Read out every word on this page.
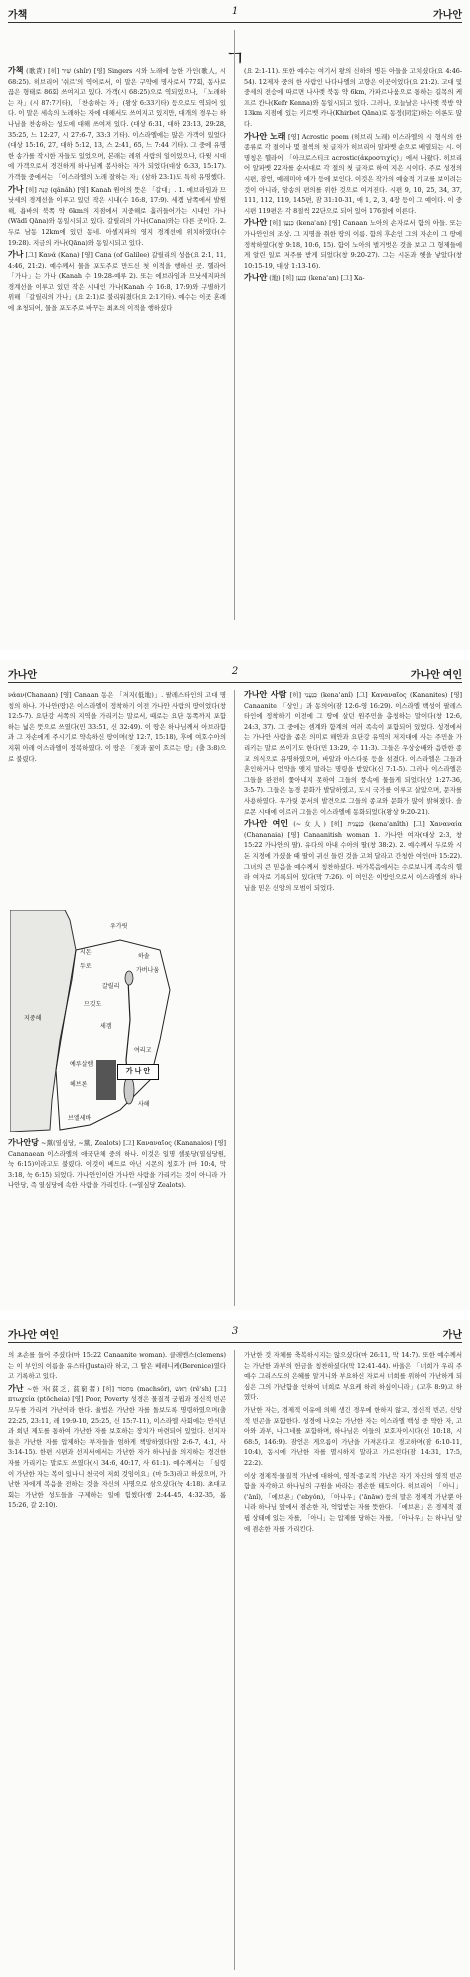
가책	1	가나안
ㄱ

가책 (歌責) [히] שִׁיר (shîr) [영] Singers 시와 노래에 능한 가인(歌人, 시 68:25). 히브리어 '쉬르'의 역어로서, 이 말은 구약에 명사로서 77회, 동사로 끊은 형태로 86회 쓰여지고 있다. 가객(시 68:25)으로 역되었으나, 「노래하는 자」(시 87:7기타), 「찬송하는 자」(왕상 6:33기타) 등으로도 역되어 있다. 이 말은 세속의 노래하는 자에 대해서도 쓰여지고 있지만, 대개의 경우는 하나님을 찬송하는 성도에 대해 쓰여져 있다. (대상 6:31, 대하 23:13, 29:28, 35:25, 느 12:27, 시 27:6-7, 33:3 기타). 이스라엘에는 많은 가객이 있었다(대상 15:16, 27, 대하 5:12, 13, 스 2:41, 65, 느 7:44 기타). 그 중에 유명한 송가를 작시한 자들도 있었으며, 본래는 레위 사람의 일이었으나, 다윗 시대에 가객으로서 경건하게 하나님께 봉사하는 자가 되었다(대상 6:33, 15:17). 가객들 중에서는 「이스라엘의 노래 잘하는 자」(삼하 23:1)도 특히 유명했다.

가나 [히] קָנָה (qânâh) [영] Kanah 원어의 뜻은 「갈대」. 1. 에브라임과 므낫세의 경계선을 이루고 있던 작은 시내(수 16:8, 17:9). 세겜 남쪽에서 발원해, 욥바의 북쪽 약 6km의 지점에서 지중해로 흘러들어가는 시내인 가나(Wādī Qāna)와 동일시되고 있다. 갈릴리의 가나(Cana)와는 다른 곳이다. 2. 두로 남동 12km에 있던 동네. 아셀지파의 영지 경계선에 위치하였다(수 19:28). 지금의 카나(Qāna)와 동일시되고 있다.

가나 [그] Κανά (Kana) [영] Cana (of Galilee) 갈릴리의 성읍(요 2:1, 11, 4:46, 21:2). 예수께서 물을 포도주로 만드신 첫 이적을 행하신 곳. 헬라어 「가나」는 가나 (Kanah 수 19:28-예루 2). 또는 에브라임과 므낫세지파의 경계선을 이루고 있던 작은 시내인 가나(Kanah 수 16:8, 17:9)와 구별하기 위해 「갈릴리의 가나」(요 2:1)로 불리워졌다(요 2:1기타). 예수는 이곳 혼례에 초청되어, 물을 포도주로 바꾸는 최초의 이적을 행하셨다

(요 2:1-11). 또한 예수는 여기서 왕의 신하의 병든 아들을 고치셨다(요 4:46-54). 12제자 중의 한 사람인 나다나엘의 고향은 이곳이었다(요 21:2). 고대 및 중세의 전승에 따르면 나사렛 북동 약 6km, 가파르나움으로 통하는 길목의 케프르 칸나(Kefr Kenna)와 동일시되고 있다. 그러나, 오늘날은 나사렛 북방 약 13km 지점에 있는 키르벳 카나(Khirbet Qāna)로 동정(同定)하는 이론도 많다.

가나안 노래 [영] Acrostic poem (히브리 노래) 이스라엘의 시 형식의 한 종류로 각 절이나 몇 절씩의 첫 글자가 히브리어 알파벳 순으로 배열되는 시. 이 명칭은 헬라어 「아크로스티크 acrostic(ἀκροστιχίς)」에서 나왔다. 히브리어 알파벳 22자를 순서대로 각 절의 첫 글자로 하여 지은 시이다. 주로 성경의 시편, 잠언, 예레미야 애가 등에 보인다. 이것은 작가의 예술적 기교를 보이려는 것이 아니라, 암송의 편의를 위한 것으로 여겨진다. 시편 9, 10, 25, 34, 37, 111, 112, 119, 145편, 잠 31:10-31, 애 1, 2, 3, 4장 등이 그 예이다. 이 중 시편 119편은 각 8절씩 22단으로 되어 있어 176절에 이른다.

가나안 [히] כְּנַעַן (kenaʿan) [영] Canaan 노아의 손자로서 함의 아들. 또는 가나안인의 조상. 그 지명을 취한 땅의 이름. 함의 후손인 그의 자손이 그 땅에 정착하였다(창 9:18, 10:6, 15). 함이 노아의 벌거벗은 것을 보고 그 형제들에게 알린 일로 저주를 받게 되었다(창 9:20-27). 그는 시돈과 헷을 낳았다(창 10:15-19, 대상 1:13-16).

가나안 (地) [히] כְּנַעַן (kenaʿan) [그] Xa-

가나안	2	가나안 여인

νάαν(Chanaan) [영] Canaan 동은 「저지(低地)」. 팔레스타인의 고대 명칭의 하나. 가나안(땅)은 이스라엘이 정착하기 이전 가나안 사람의 땅이었다(창 12:5-7). 요단강 서쪽의 지역을 가리키는 말로서, 때로는 요단 동쪽까지 포함하는 넓은 뜻으로 쓰였다(민 33:51, 신 32:49). 이 땅은 하나님께서 아브라함과 그 자손에게 주시기로 약속하신 땅이며(창 12:7, 15:18), 후에 여호수아의 지휘 아래 이스라엘이 정복하였다. 이 땅은 「젖과 꿀이 흐르는 땅」(출 3:8)으로 불렸다.

우가릿
두로
시돈
가버나움
갈릴리
세겜
여리고
예루살렘
헤브론
브엘세바
하솔
므깃도
지중해
사해
가 나 안

가나안당 ~黨(열심당, ~黨, Zealots) [그] Καναναῖος (Kananaios) [영] Cananaean 이스라엘의 애국단체 중의 하나. 이것은 일명 셀롯당(열심당원, 눅 6:15)이라고도 불렸다. 이것이 베드로 아닌 시몬의 칭호가 (마 10:4, 막 3:18, 눅 6:15) 되었다. 가나안인이란 가나안 사람을 가리키는 것이 아니라 가나안당, 즉 열심당에 속한 사람을 가리킨다. (→열심당 Zealots).

가나안 사람 [히] כְּנַעֲנִי (kenaʿanî) [그] Καναναῖος (Kananites) [영] Canaanite 「상인」과 동의어(잠 12:6-영 16:29). 이스라엘 백성이 팔레스타인에 정착하기 이전에 그 땅에 살던 원주민을 총칭하는 말이다(창 12:6, 24:3, 37). 그 중에는 셈계와 함계의 여러 족속이 포함되어 있었다. 성경에서는 가나안 사람을 좁은 의미로 해안과 요단강 유역의 저지대에 사는 주민을 가리키는 말로 쓰이기도 한다(민 13:29, 수 11:3). 그들은 우상숭배와 음란한 종교 의식으로 유명하였으며, 바알과 아스다롯 등을 섬겼다. 이스라엘은 그들과 혼인하거나 언약을 맺지 말라는 명령을 받았다(신 7:1-5). 그러나 이스라엘은 그들을 완전히 쫓아내지 못하여 그들의 풍속에 물들게 되었다(삿 1:27-36, 3:5-7). 그들은 농경 문화가 발달하였고, 도시 국가를 이루고 살았으며, 문자를 사용하였다. 우가릿 문서의 발견으로 그들의 종교와 문화가 많이 밝혀졌다. 솔로몬 시대에 이르러 그들은 이스라엘에 동화되었다(왕상 9:20-21).

가나안 여인 (~女人) [히] כְּנַעֲנִית (kenaʿanîth) [그] Χαναναία (Chananaia) [영] Canaanitish woman 1. 가나안 여자(대상 2:3, 창 15:22 가나안의 딸). 유다의 아내 수아의 딸(창 38:2). 2. 예수께서 두로와 시돈 지경에 가셨을 때 딸이 귀신 들린 것을 고쳐 달라고 간청한 여인(마 15:22). 그녀의 큰 믿음을 예수께서 칭찬하셨다. 마가복음에서는 수로보니게 족속의 헬라 여자로 기록되어 있다(막 7:26). 이 여인은 이방인으로서 이스라엘의 하나님을 믿은 신앙의 모범이 되었다.

가나안 여인	3	가난

의 초손를 들어 주셨다(마 15:22 Canaanite woman). 클레멘스(clemens)는 이 부인의 이름을 유스타(Justa)라 하고, 그 딸은 베레니케(Berenice)였다고 기록하고 있다.

가난 ~한 자(貧乏, 貧窮者) [히] מַחְסוֹר (machsôr), רֵאשׁ (rêʾsh) [그] πτωχεία (ptōcheia) [영] Poor, Poverty 성경은 물질적 궁핍과 정신적 빈곤 모두를 가리켜 가난이라 한다. 율법은 가난한 자를 돌보도록 명령하였으며(출 22:25, 23:11, 레 19:9-10, 25:25, 신 15:7-11), 이스라엘 사회에는 안식년과 희년 제도를 통하여 가난한 자를 보호하는 장치가 마련되어 있었다. 선지자들은 가난한 자를 압제하는 부자들을 엄하게 책망하였다(암 2:6-7, 4:1, 사 3:14-15). 한편 시편과 선지서에서는 가난한 자가 하나님을 의지하는 경건한 자를 가리키는 말로도 쓰였다(시 34:6, 40:17, 사 61:1). 예수께서는 「심령이 가난한 자는 복이 있나니 천국이 저희 것임이요」(마 5:3)라고 하셨으며, 가난한 자에게 복음을 전하는 것을 자신의 사명으로 삼으셨다(눅 4:18). 초대교회는 가난한 성도들을 구제하는 일에 힘썼다(행 2:44-45, 4:32-35, 롬 15:26, 갈 2:10).

가난한 것 자체를 축복하시지는 않으셨다(마 26:11, 막 14:7). 또한 예수께서는 가난한 과부의 헌금을 칭찬하셨다(막 12:41-44). 바울은 「너희가 우리 주 예수 그리스도의 은혜를 알거니와 부요하신 자로서 너희를 위하여 가난하게 되심은 그의 가난함을 인하여 너희로 부요케 하려 하심이니라」(고후 8:9)고 하였다.

가난한 자는, 경제적 이유에 의해 생긴 경우에 한하지 않고, 정신적 빈곤, 신앙적 빈곤을 포함한다. 성경에 나오는 가난한 자는 이스라엘 백성 중 약한 자, 고아와 과부, 나그네를 포함하며, 하나님은 이들의 보호자이시다(신 10:18, 시 68:5, 146:9). 잠언은 게으름이 가난을 가져온다고 경고하며(잠 6:10-11, 10:4), 동시에 가난한 자를 멸시하지 말라고 가르친다(잠 14:31, 17:5, 22:2).

이상 경제적·물질적 가난에 대하여, 영적·종교적 가난은 자기 자신의 영적 빈곤함을 자각하고 하나님의 구원을 바라는 겸손한 태도이다. 히브리어 「아니」(ʿānî), 「에브욘」(ʾebyôn), 「아나우」(ʿānāw) 등의 말은 경제적 가난뿐 아니라 하나님 앞에서 겸손한 자, 억압받는 자를 뜻한다. 「에브욘」은 경제적 결핍 상태에 있는 자를, 「아니」는 압제를 당하는 자를, 「아나우」는 하나님 앞에 겸손한 자를 가리킨다.
